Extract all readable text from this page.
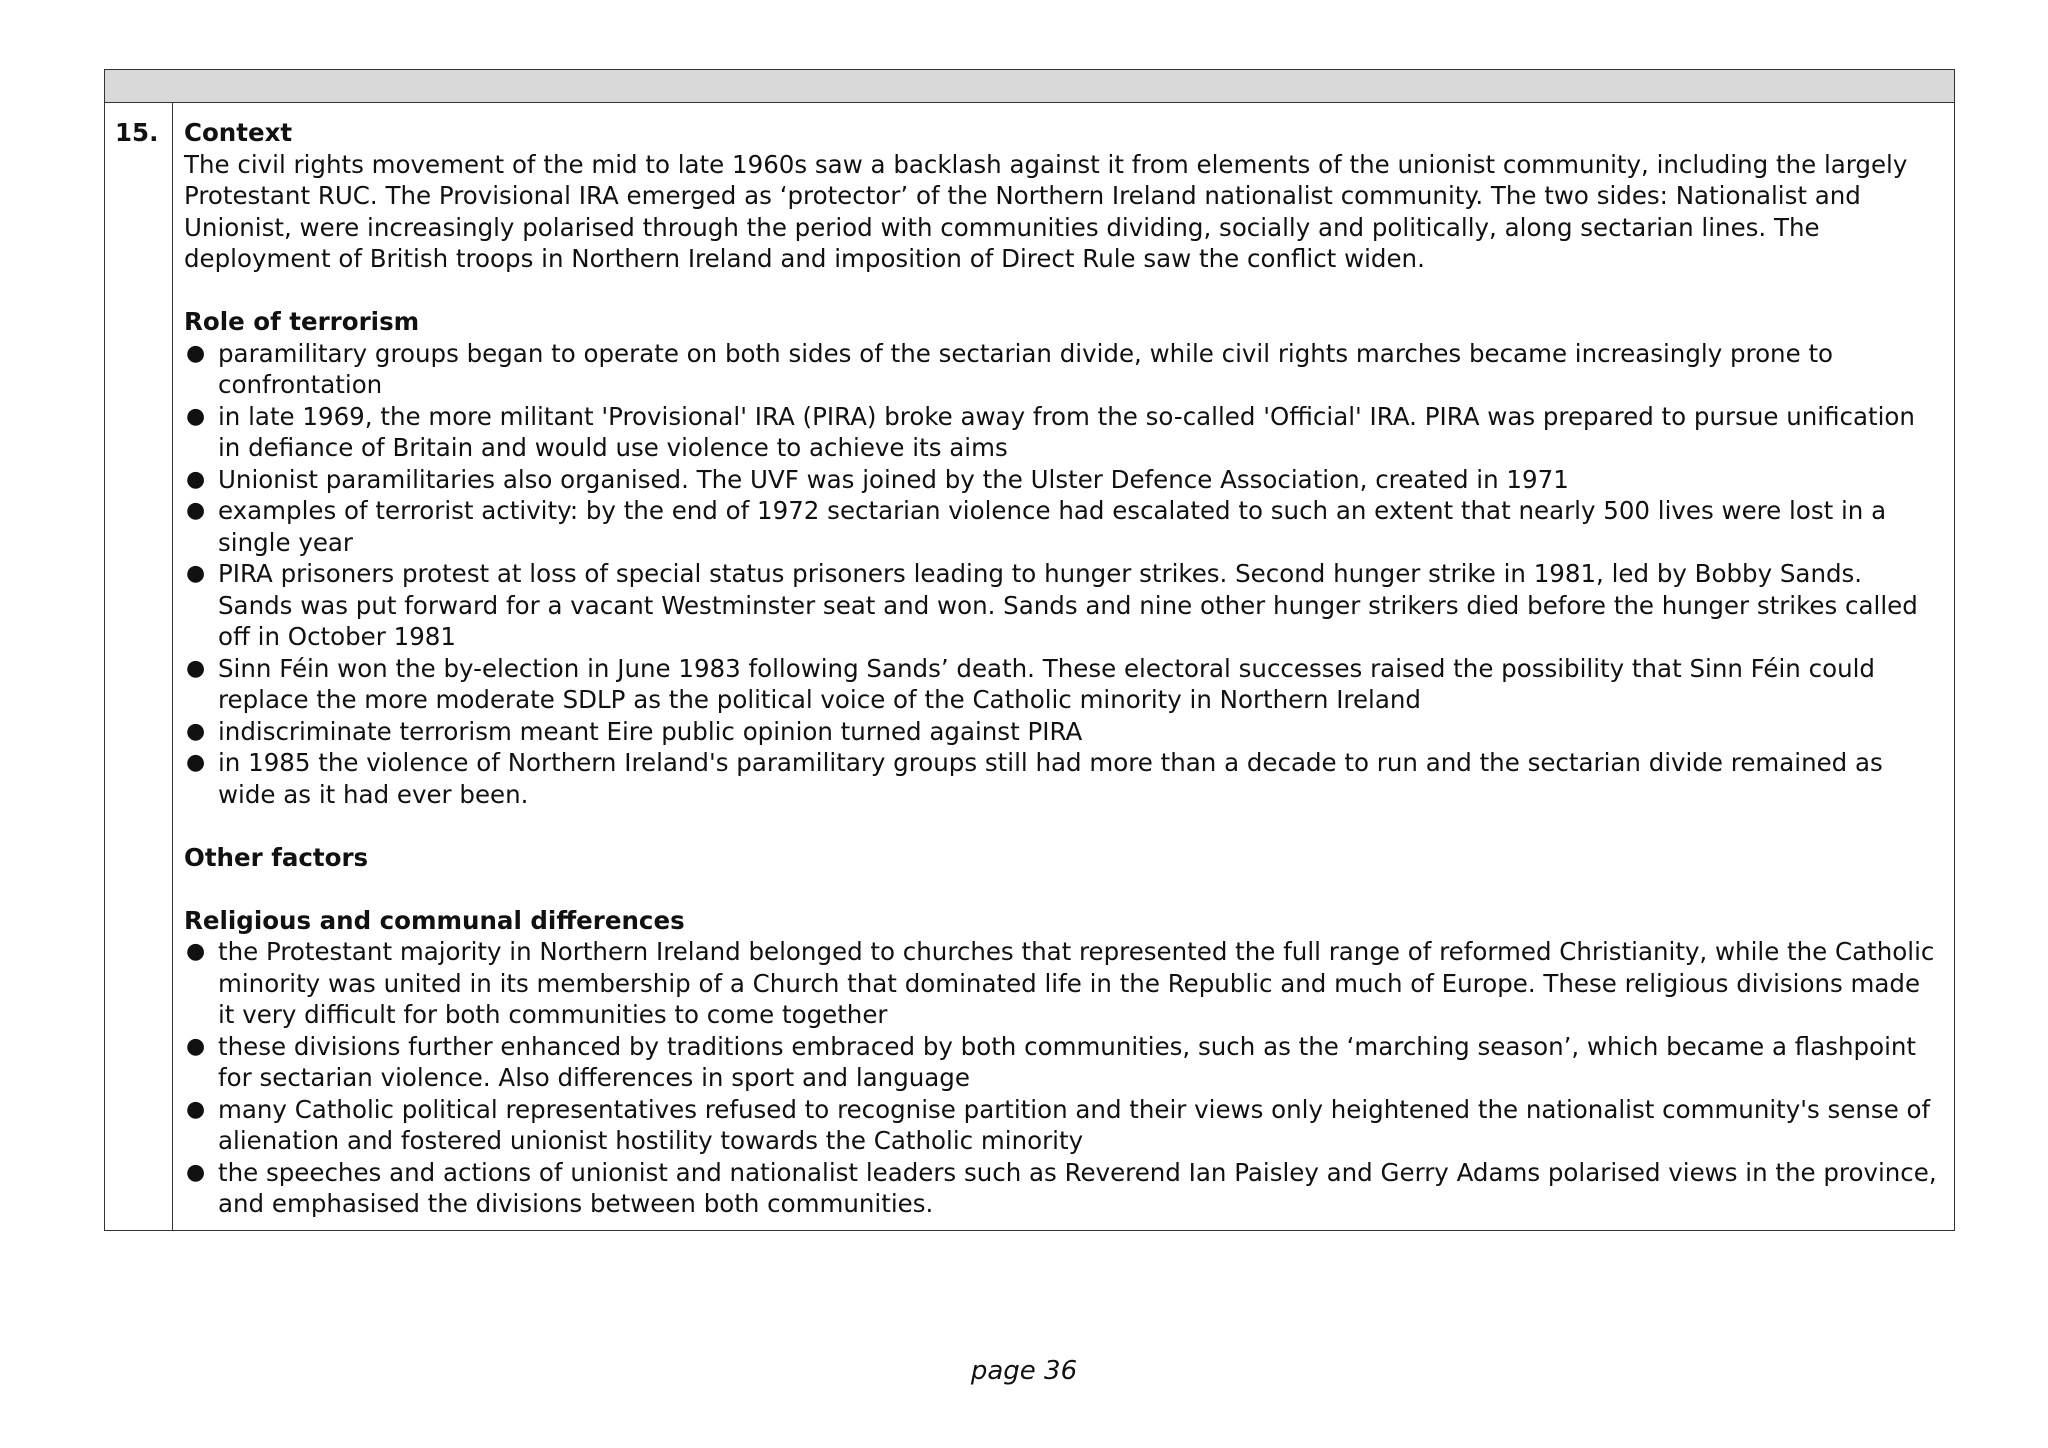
15.	Context

The civil rights movement of the mid to late 1960s saw a backlash against it from elements of the unionist community, including the largely Protestant RUC. The Provisional IRA emerged as ‘protector’ of the Northern Ireland nationalist community. The two sides: Nationalist and Unionist, were increasingly polarised through the period with communities dividing, socially and politically, along sectarian lines. The deployment of British troops in Northern Ireland and imposition of Direct Rule saw the conflict widen.

Role of terrorism

● paramilitary groups began to operate on both sides of the sectarian divide, while civil rights marches became increasingly prone to confrontation
● in late 1969, the more militant 'Provisional' IRA (PIRA) broke away from the so-called 'Official' IRA. PIRA was prepared to pursue unification in defiance of Britain and would use violence to achieve its aims
● Unionist paramilitaries also organised. The UVF was joined by the Ulster Defence Association, created in 1971
● examples of terrorist activity: by the end of 1972 sectarian violence had escalated to such an extent that nearly 500 lives were lost in a single year
● PIRA prisoners protest at loss of special status prisoners leading to hunger strikes. Second hunger strike in 1981, led by Bobby Sands. Sands was put forward for a vacant Westminster seat and won. Sands and nine other hunger strikers died before the hunger strikes called off in October 1981
● Sinn Féin won the by-election in June 1983 following Sands’ death. These electoral successes raised the possibility that Sinn Féin could replace the more moderate SDLP as the political voice of the Catholic minority in Northern Ireland
● indiscriminate terrorism meant Eire public opinion turned against PIRA
● in 1985 the violence of Northern Ireland's paramilitary groups still had more than a decade to run and the sectarian divide remained as wide as it had ever been.

Other factors

Religious and communal differences

● the Protestant majority in Northern Ireland belonged to churches that represented the full range of reformed Christianity, while the Catholic minority was united in its membership of a Church that dominated life in the Republic and much of Europe. These religious divisions made it very difficult for both communities to come together
● these divisions further enhanced by traditions embraced by both communities, such as the ‘marching season’, which became a flashpoint for sectarian violence. Also differences in sport and language
● many Catholic political representatives refused to recognise partition and their views only heightened the nationalist community's sense of alienation and fostered unionist hostility towards the Catholic minority
● the speeches and actions of unionist and nationalist leaders such as Reverend Ian Paisley and Gerry Adams polarised views in the province, and emphasised the divisions between both communities.
page 36
